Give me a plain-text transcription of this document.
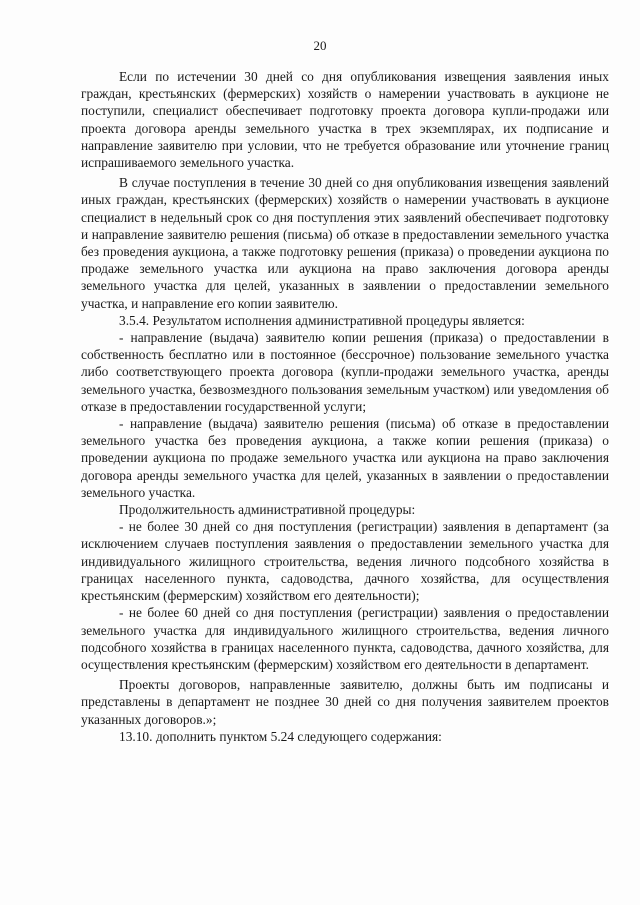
20

Если по истечении 30 дней со дня опубликования извещения заявления иных граждан, крестьянских (фермерских) хозяйств о намерении участвовать в аукционе не поступили, специалист обеспечивает подготовку проекта договора купли-продажи или проекта договора аренды земельного участка в трех экземплярах, их подписание и направление заявителю при условии, что не требуется образование или уточнение границ испрашиваемого земельного участка.

В случае поступления в течение 30 дней со дня опубликования извещения заявлений иных граждан, крестьянских (фермерских) хозяйств о намерении участвовать в аукционе специалист в недельный срок со дня поступления этих заявлений обеспечивает подготовку и направление заявителю решения (письма) об отказе в предоставлении земельного участка без проведения аукциона, а также подготовку решения (приказа) о проведении аукциона по продаже земельного участка или аукциона на право заключения договора аренды земельного участка для целей, указанных в заявлении о предоставлении земельного участка, и направление его копии заявителю.

3.5.4. Результатом исполнения административной процедуры является:

- направление (выдача) заявителю копии решения (приказа) о предоставлении в собственность бесплатно или в постоянное (бессрочное) пользование земельного участка либо соответствующего проекта договора (купли-продажи земельного участка, аренды земельного участка, безвозмездного пользования земельным участком) или уведомления об отказе в предоставлении государственной услуги;

- направление (выдача) заявителю решения (письма) об отказе в предоставлении земельного участка без проведения аукциона, а также копии решения (приказа) о проведении аукциона по продаже земельного участка или аукциона на право заключения договора аренды земельного участка для целей, указанных в заявлении о предоставлении земельного участка.

Продолжительность административной процедуры:

- не более 30 дней со дня поступления (регистрации) заявления в департамент (за исключением случаев поступления заявления о предоставлении земельного участка для индивидуального жилищного строительства, ведения личного подсобного хозяйства в границах населенного пункта, садоводства, дачного хозяйства, для осуществления крестьянским (фермерским) хозяйством его деятельности);

- не более 60 дней со дня поступления (регистрации) заявления о предоставлении земельного участка для индивидуального жилищного строительства, ведения личного подсобного хозяйства в границах населенного пункта, садоводства, дачного хозяйства, для осуществления крестьянским (фермерским) хозяйством его деятельности в департамент.

Проекты договоров, направленные заявителю, должны быть им подписаны и представлены в департамент не позднее 30 дней со дня получения заявителем проектов указанных договоров.»;

13.10. дополнить пунктом 5.24 следующего содержания:
